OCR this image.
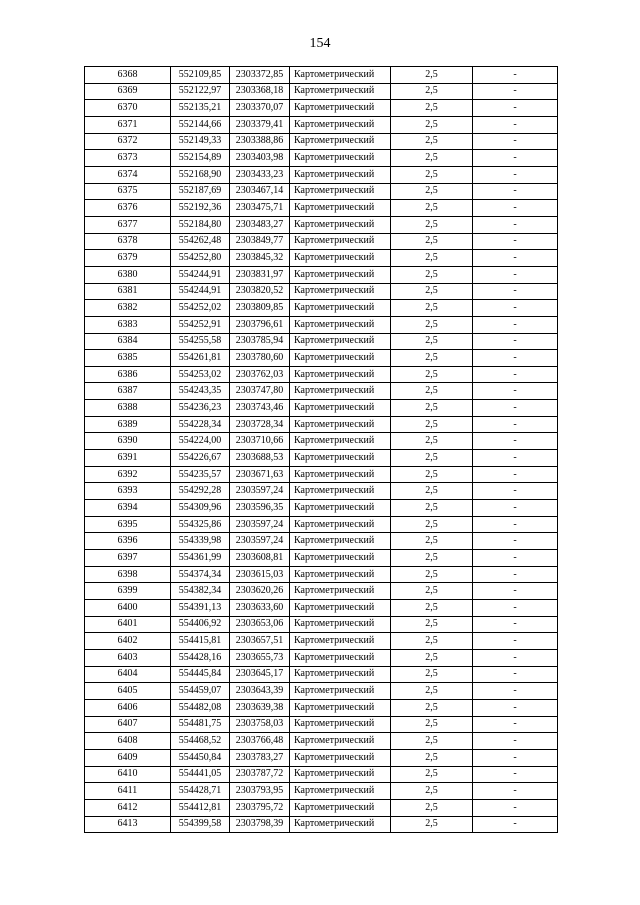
154
6368	552109,85	2303372,85	Картометрический	2,5	-
6369	552122,97	2303368,18	Картометрический	2,5	-
6370	552135,21	2303370,07	Картометрический	2,5	-
6371	552144,66	2303379,41	Картометрический	2,5	-
6372	552149,33	2303388,86	Картометрический	2,5	-
6373	552154,89	2303403,98	Картометрический	2,5	-
6374	552168,90	2303433,23	Картометрический	2,5	-
6375	552187,69	2303467,14	Картометрический	2,5	-
6376	552192,36	2303475,71	Картометрический	2,5	-
6377	552184,80	2303483,27	Картометрический	2,5	-
6378	554262,48	2303849,77	Картометрический	2,5	-
6379	554252,80	2303845,32	Картометрический	2,5	-
6380	554244,91	2303831,97	Картометрический	2,5	-
6381	554244,91	2303820,52	Картометрический	2,5	-
6382	554252,02	2303809,85	Картометрический	2,5	-
6383	554252,91	2303796,61	Картометрический	2,5	-
6384	554255,58	2303785,94	Картометрический	2,5	-
6385	554261,81	2303780,60	Картометрический	2,5	-
6386	554253,02	2303762,03	Картометрический	2,5	-
6387	554243,35	2303747,80	Картометрический	2,5	-
6388	554236,23	2303743,46	Картометрический	2,5	-
6389	554228,34	2303728,34	Картометрический	2,5	-
6390	554224,00	2303710,66	Картометрический	2,5	-
6391	554226,67	2303688,53	Картометрический	2,5	-
6392	554235,57	2303671,63	Картометрический	2,5	-
6393	554292,28	2303597,24	Картометрический	2,5	-
6394	554309,96	2303596,35	Картометрический	2,5	-
6395	554325,86	2303597,24	Картометрический	2,5	-
6396	554339,98	2303597,24	Картометрический	2,5	-
6397	554361,99	2303608,81	Картометрический	2,5	-
6398	554374,34	2303615,03	Картометрический	2,5	-
6399	554382,34	2303620,26	Картометрический	2,5	-
6400	554391,13	2303633,60	Картометрический	2,5	-
6401	554406,92	2303653,06	Картометрический	2,5	-
6402	554415,81	2303657,51	Картометрический	2,5	-
6403	554428,16	2303655,73	Картометрический	2,5	-
6404	554445,84	2303645,17	Картометрический	2,5	-
6405	554459,07	2303643,39	Картометрический	2,5	-
6406	554482,08	2303639,38	Картометрический	2,5	-
6407	554481,75	2303758,03	Картометрический	2,5	-
6408	554468,52	2303766,48	Картометрический	2,5	-
6409	554450,84	2303783,27	Картометрический	2,5	-
6410	554441,05	2303787,72	Картометрический	2,5	-
6411	554428,71	2303793,95	Картометрический	2,5	-
6412	554412,81	2303795,72	Картометрический	2,5	-
6413	554399,58	2303798,39	Картометрический	2,5	-
